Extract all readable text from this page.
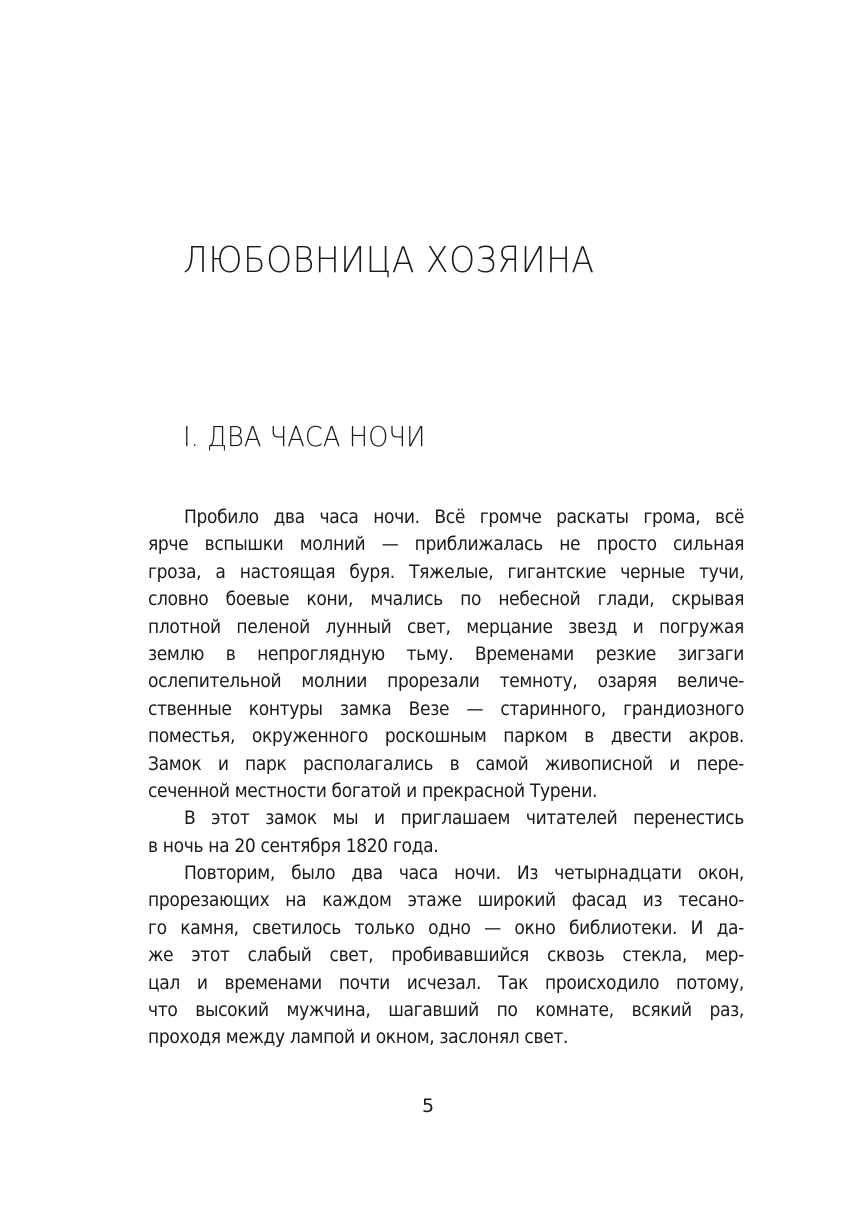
ЛЮБОВНИЦА ХОЗЯИНА
I. ДВА ЧАСА НОЧИ
Пробило два часа ночи. Всё громче раскаты грома, всё
ярче вспышки молний — приближалась не просто сильная
гроза, а настоящая буря. Тяжелые, гигантские черные тучи,
словно боевые кони, мчались по небесной глади, скрывая
плотной пеленой лунный свет, мерцание звезд и погружая
землю в непроглядную тьму. Временами резкие зигзаги
ослепительной молнии прорезали темноту, озаряя величе-
ственные контуры замка Везе — старинного, грандиозного
поместья, окруженного роскошным парком в двести акров.
Замок и парк располагались в самой живописной и пере-
сеченной местности богатой и прекрасной Турени.
В этот замок мы и приглашаем читателей перенестись
в ночь на 20 сентября 1820 года.
Повторим, было два часа ночи. Из четырнадцати окон,
прорезающих на каждом этаже широкий фасад из тесано-
го камня, светилось только одно — окно библиотеки. И да-
же этот слабый свет, пробивавшийся сквозь стекла, мер-
цал и временами почти исчезал. Так происходило потому,
что высокий мужчина, шагавший по комнате, всякий раз,
проходя между лампой и окном, заслонял свет.
5
